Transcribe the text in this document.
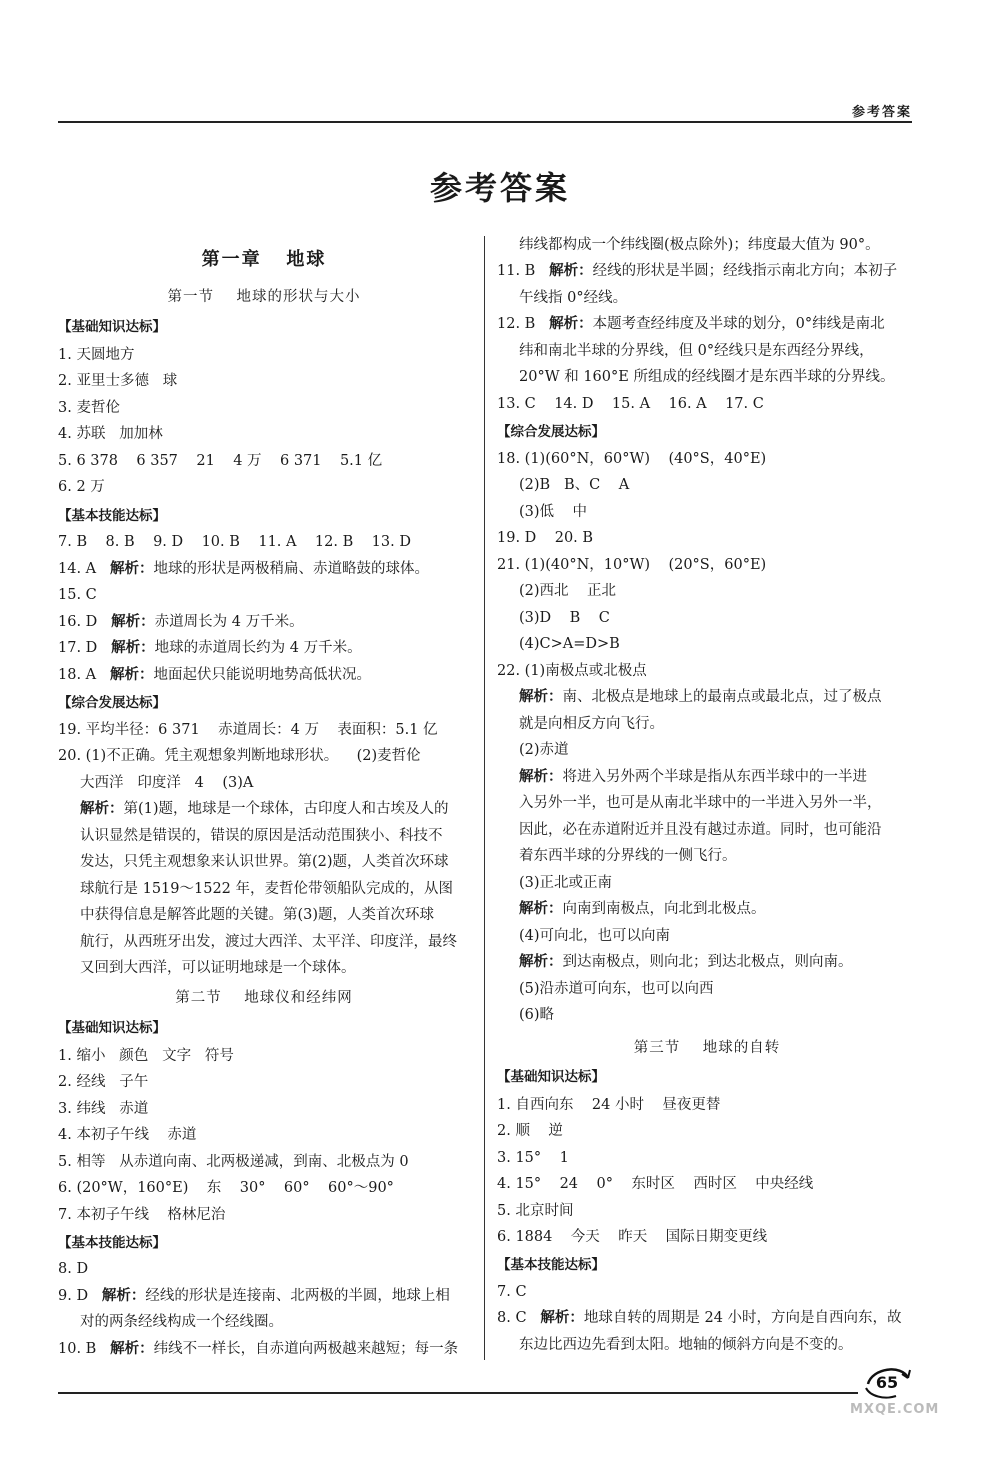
参考答案
参考答案
第一章   地球
第一节    地球的形状与大小
【基础知识达标】
1. 天圆地方
2. 亚里士多德   球
3. 麦哲伦
4. 苏联   加加林
5. 6 378    6 357    21    4 万    6 371    5.1 亿
6. 2 万
【基本技能达标】
7. B    8. B    9. D    10. B    11. A    12. B    13. D
14. A   解析：地球的形状是两极稍扁、赤道略鼓的球体。
15. C
16. D   解析：赤道周长为 4 万千米。
17. D   解析：地球的赤道周长约为 4 万千米。
18. A   解析：地面起伏只能说明地势高低状况。
【综合发展达标】
19. 平均半径：6 371    赤道周长：4 万    表面积：5.1 亿
20. (1)不正确。凭主观想象判断地球形状。    (2)麦哲伦
大西洋   印度洋   4    (3)A
解析：第(1)题，地球是一个球体，古印度人和古埃及人的
认识显然是错误的，错误的原因是活动范围狭小、科技不
发达，只凭主观想象来认识世界。第(2)题，人类首次环球
球航行是 1519～1522 年，麦哲伦带领船队完成的，从图
中获得信息是解答此题的关键。第(3)题，人类首次环球
航行，从西班牙出发，渡过大西洋、太平洋、印度洋，最终
又回到大西洋，可以证明地球是一个球体。
第二节    地球仪和经纬网
【基础知识达标】
1. 缩小   颜色   文字   符号
2. 经线   子午
3. 纬线   赤道
4. 本初子午线    赤道
5. 相等   从赤道向南、北两极递减，到南、北极点为 0
6. (20°W，160°E)    东    30°    60°    60°～90°
7. 本初子午线    格林尼治
【基本技能达标】
8. D
9. D   解析：经线的形状是连接南、北两极的半圆，地球上相
对的两条经线构成一个经线圈。
10. B   解析：纬线不一样长，自赤道向两极越来越短；每一条
纬线都构成一个纬线圈(极点除外)；纬度最大值为 90°。
11. B   解析：经线的形状是半圆；经线指示南北方向；本初子
午线指 0°经线。
12. B   解析：本题考查经纬度及半球的划分，0°纬线是南北
纬和南北半球的分界线，但 0°经线只是东西经分界线，
20°W 和 160°E 所组成的经线圈才是东西半球的分界线。
13. C    14. D    15. A    16. A    17. C
【综合发展达标】
18. (1)(60°N，60°W)    (40°S，40°E)
(2)B   B、C    A
(3)低    中
19. D    20. B
21. (1)(40°N，10°W)    (20°S，60°E)
(2)西北    正北
(3)D    B    C
(4)C>A=D>B
22. (1)南极点或北极点
解析：南、北极点是地球上的最南点或最北点，过了极点
就是向相反方向飞行。
(2)赤道
解析：将进入另外两个半球是指从东西半球中的一半进
入另外一半，也可是从南北半球中的一半进入另外一半，
因此，必在赤道附近并且没有越过赤道。同时，也可能沿
着东西半球的分界线的一侧飞行。
(3)正北或正南
解析：向南到南极点，向北到北极点。
(4)可向北，也可以向南
解析：到达南极点，则向北；到达北极点，则向南。
(5)沿赤道可向东，也可以向西
(6)略
第三节    地球的自转
【基础知识达标】
1. 自西向东    24 小时    昼夜更替
2. 顺    逆
3. 15°    1
4. 15°    24    0°    东时区    西时区    中央经线
5. 北京时间
6. 1884    今天    昨天    国际日期变更线
【基本技能达标】
7. C
8. C   解析：地球自转的周期是 24 小时，方向是自西向东，故
东边比西边先看到太阳。地轴的倾斜方向是不变的。
65
MXQE.COM
